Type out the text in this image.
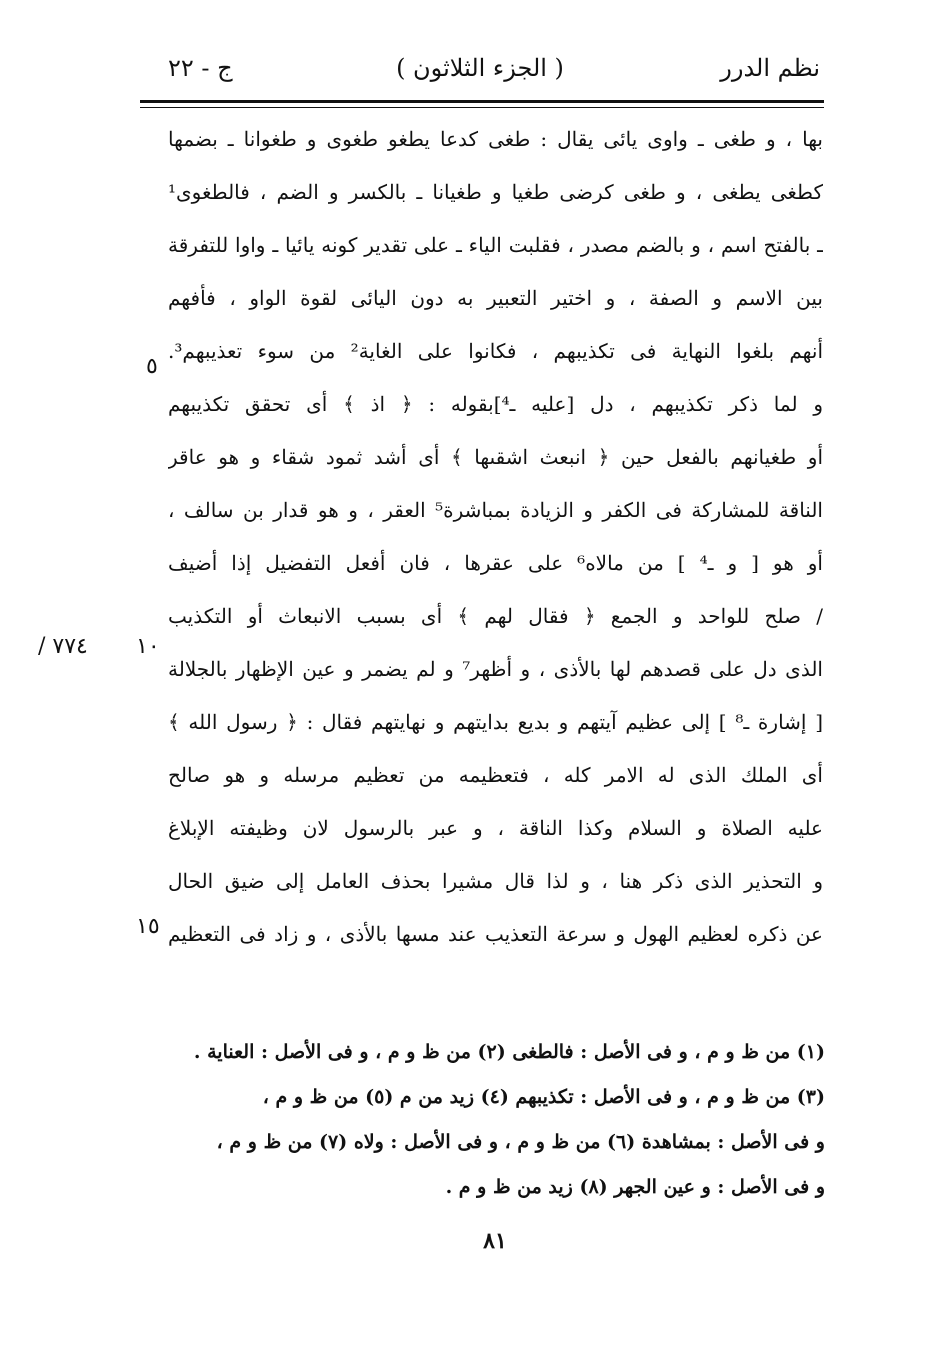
نظم الدرر
( الجزء الثلاثون )
ج - ٢٢
بها ، و طغى ـ واوى يائى يقال : طغى كدعا يطغو طغوى و طغوانا ـ بضمها
كطغى يطغى ، و طغى كرضى طغيا و طغيانا ـ بالكسر و الضم ، فالطغوى¹
ـ بالفتح اسم ، و بالضم مصدر ، فقلبت الياء ـ على تقدير كونه يائيا ـ واوا للتفرقة
بين الاسم و الصفة ، و اختير التعبير به دون اليائى لقوة الواو ، فأفهم
أنهم بلغوا النهاية فى تكذيبهم ، فكانوا على الغاية² من سوء تعذيبهم³.
و لما ذكر تكذيبهم ، دل [عليه ـ⁴]بقوله : ﴿ اذ ﴾ أى تحقق تكذيبهم
أو طغيانهم بالفعل حين ﴿ انبعث اشقىها ﴾ أى أشد ثمود شقاء و هو عاقر
الناقة للمشاركة فى الكفر و الزيادة بمباشرة⁵ العقر ، و هو قدار بن سالف ،
أو هو [ و ـ⁴ ] من مالاه⁶ على عقرها ، فان أفعل التفضيل إذا أضيف
/ صلح للواحد و الجمع ﴿ فقال لهم ﴾ أى بسبب الانبعاث أو التكذيب
الذى دل على قصدهم لها بالأذى ، و أظهر⁷ و لم يضمر و عين الإظهار بالجلالة
[ إشارة ـ⁸ ] إلى عظيم آيتهم و بديع بدايتهم و نهايتهم فقال : ﴿ رسول الله ﴾
أى الملك الذى له الامر كله ، فتعظيمه من تعظيم مرسله و هو صالح
عليه الصلاة و السلام وكذا الناقة ، و عبر بالرسول لان وظيفته الإبلاغ
و التحذير الذى ذكر هنا ، و لذا قال مشيرا بحذف العامل إلى ضيق الحال
عن ذكره لعظيم الهول و سرعة التعذيب عند مسها بالأذى ، و زاد فى التعظيم
٥
١٠
١٥
٧٧٤ /
(١) من ظ و م ، و فى الأصل : فالطغى (٢) من ظ و م ، و فى الأصل : العناية .
(٣) من ظ و م ، و فى الأصل : تكذيبهم (٤) زيد من م (٥) من ظ و م ،
و فى الأصل : بمشاهدة (٦) من ظ و م ، و فى الأصل : ولاه (٧) من ظ و م ،
و فى الأصل : و عين الجهر (٨) زيد من ظ و م .
٨١
